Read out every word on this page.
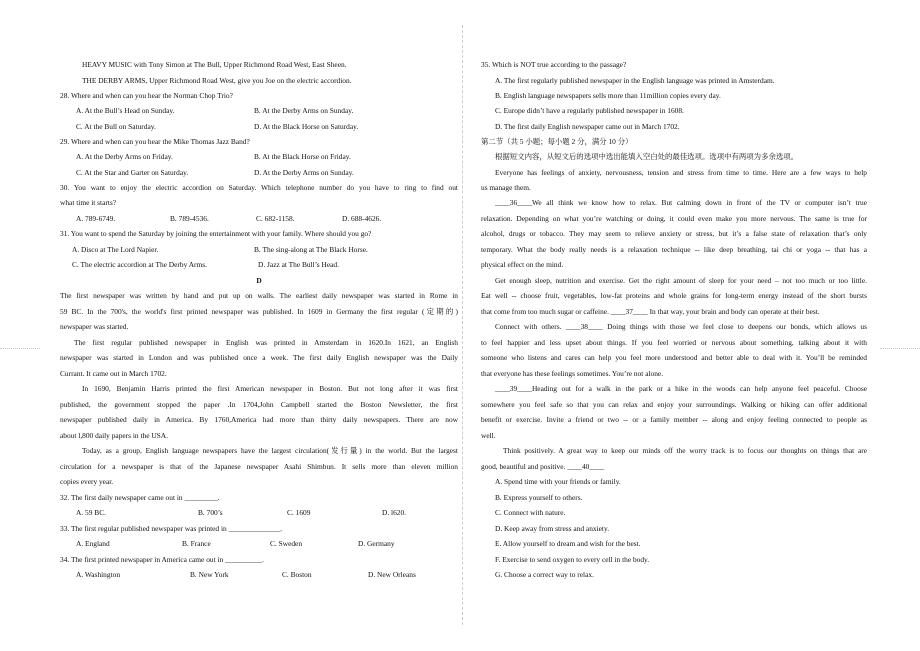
HEAVY MUSIC with Tony Simon at The Bull, Upper Richmond Road West, East Sheen.
THE DERBY ARMS, Upper Richmond Road West, give you Joe on the electric accordion.
28. Where and when can you hear the Norman Chop Trio?
A. At the Bull’s Head on Sunday.	B. At the Derby Arms on Sunday.
C. At the Bull on Saturday.	D. At the Black Horse on Saturday.
29. Where and when can you hear the Mike Thomas Jazz Band?
A. At the Derby Arms on Friday.	B. At the Black Horse on Friday.
C. At the Star and Garter on Saturday.	D. At the Derby Arms on Sunday.
30. You want to enjoy the electric accordion on Saturday. Which telephone number do you have to ring to find out
what time it starts?
A. 789-6749.	B. 789-4536.	C. 682-1158.	D. 688-4626.
31. You want to spend the Saturday by joining the entertainment with your family. Where should you go?
A. Disco at The Lord Napier.	B. The sing-along at The Black Horse.
C. The electric accordion at The Derby Arms.	D. Jazz at The Bull’s Head.
D
The first newspaper was written by hand and put up on walls. The earliest daily newspaper was started in Rome in
59 BC. In the 700's, the world's first printed newspaper was published. In 1609 in Germany the first regular (定期的)
newspaper was started.
The first regular published newspaper in English was printed in Amsterdam in 1620.In 1621, an English
newspaper was started in London and was published once a week. The first daily English newspaper was the Daily
Currant. It came out in March 1702.
In 1690, Benjamin Harris printed the first American newspaper in Boston. But not long after it was first
published, the government stopped the paper .In 1704,John Campbell started the Boston Newsletter, the first
newspaper published daily in America. By 1760,America had more than thirty daily newspapers. There are now
about l,800 daily papers in the USA.
Today, as a group, English language newspapers have the largest circulation(发行量) in the world. But the largest
circulation for a newspaper is that of the Japanese newspaper Asahi Shimbun. It sells more than eleven million
copies every year.
32. The first daily newspaper came out in _________.
A. 59 BC.	B. 700’s	C. 1609	D. l620.
33. The first regular published newspaper was printed in ______________.
A. England	B. France	C. Sweden	D. Germany
34. The first printed newspaper in America came out in __________.
A. Washington	B. New York	C. Boston	D. New Orleans
35. Which is NOT true according to the passage?
A. The first regularly published newspaper in the English language was printed in Amsterdam.
B. English language newspapers sells more than 11million copies every day.
C. Europe didn’t have a regularly published newspaper in 1608.
D. The first daily English newspaper came out in March 1702.
第二节（共 5 小题；每小题 2 分，满分 10 分）
根据短文内容，从短文后的选项中选出能填入空白处的最佳选项。选项中有两项为多余选项。
Everyone has feelings of anxiety, nervousness, tension and stress from time to time. Here are a few ways to help
us manage them.
____36____We all think we know how to relax. But calming down in front of the TV or computer isn’t true
relaxation. Depending on what you’re watching or doing, it could even make you more nervous. The same is true for
alcohol, drugs or tobacco. They may seem to relieve anxiety or stress, but it’s a false state of relaxation that’s only
temporary. What the body really needs is a relaxation technique -- like deep breathing, tai chi or yoga -- that has a
physical effect on the mind.
Get enough sleep, nutrition and exercise. Get the right amount of sleep for your need – not too much or too little.
Eat well -- choose fruit, vegetables, low-fat proteins and whole grains for long-term energy instead of the short bursts
that come from too much sugar or caffeine. ____37____ In that way, your brain and body can operate at their best.
Connect with others. ____38____ Doing things with those we feel close to deepens our bonds, which allows us
to feel happier and less upset about things. If you feel worried or nervous about something, talking about it with
someone who listens and cares can help you feel more understood and better able to deal with it. You’ll be reminded
that everyone has these feelings sometimes. You’re not alone.
____39____Heading out for a walk in the park or a hike in the woods can help anyone feel peaceful. Choose
somewhere you feel safe so that you can relax and enjoy your surroundings. Walking or hiking can offer additional
benefit or exercise. Invite a friend or two -- or a family member -- along and enjoy feeling connected to people as
well.
Think positively. A great way to keep our minds off the worry track is to focus our thoughts on things that are
good, beautiful and positive. ____40____
A. Spend time with your friends or family.
B. Express yourself to others.
C. Connect with nature.
D. Keep away from stress and anxiety.
E. Allow yourself to dream and wish for the best.
F. Exercise to send oxygen to every cell in the body.
G. Choose a correct way to relax.
